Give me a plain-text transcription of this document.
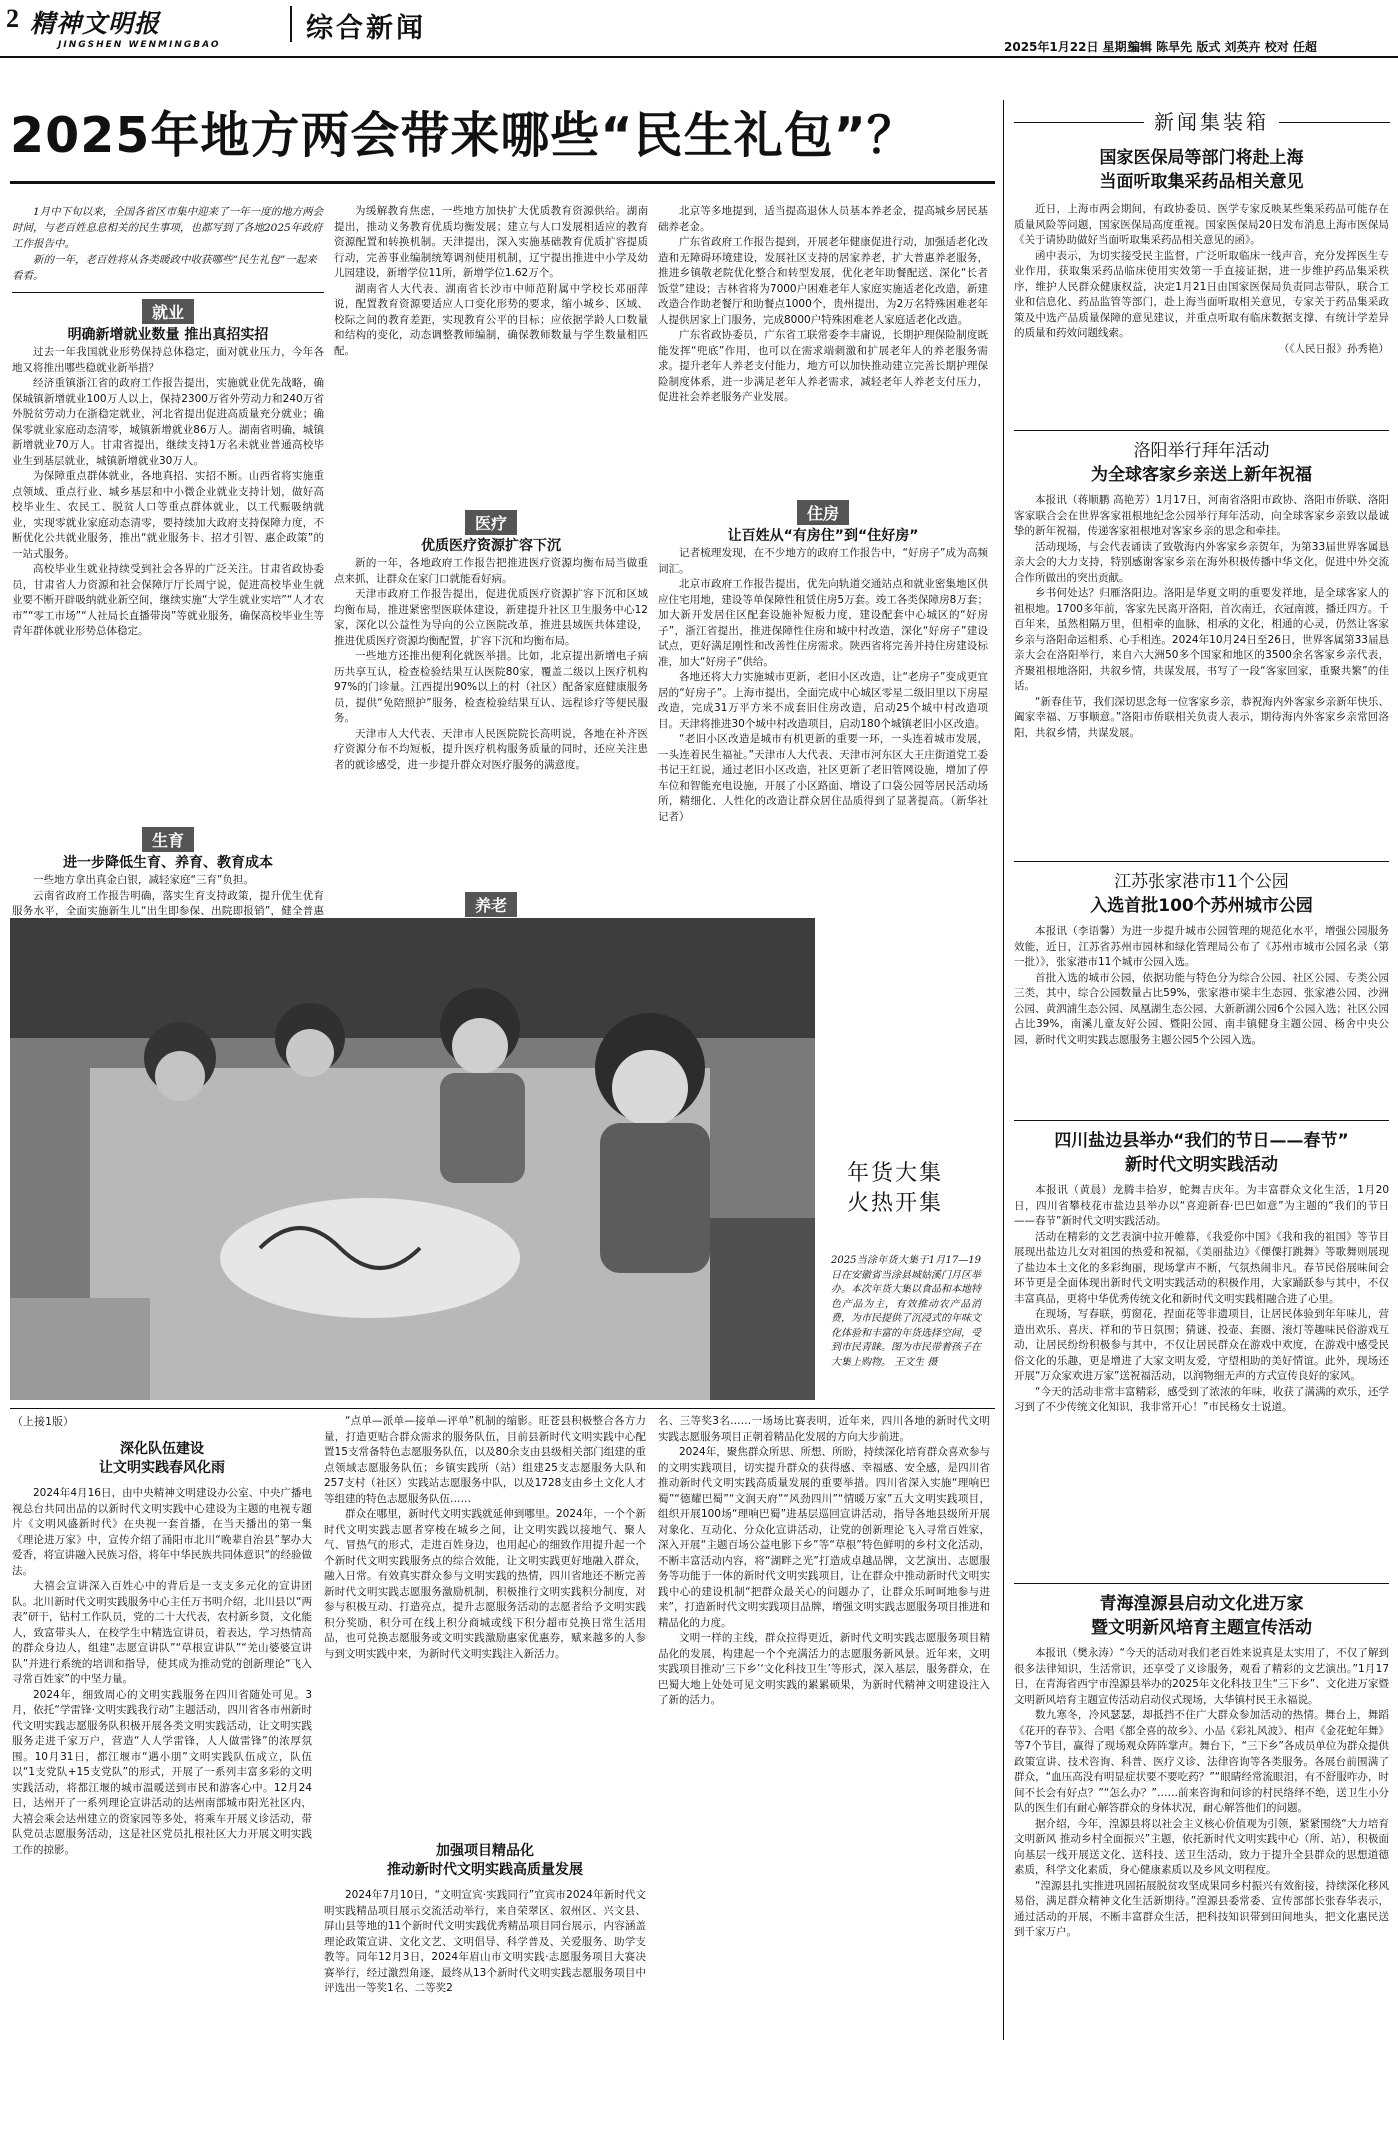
2 精神文明报
JINGSHEN WENMINGBAO
综合新闻
2025年1月22日 星期三
编辑 陈旱先 版式 刘英卉 校对 任超
2025年地方两会带来哪些“民生礼包”？

1月中下旬以来，全国各省区市集中迎来了一年一度的地方两会时间，与老百姓息息相关的民生事项，也都写到了各地2025年政府工作报告中。

新的一年，老百姓将从各类暖政中收获哪些“民生礼包”一起来看看。

就业
明确新增就业数量 推出真招实招

过去一年我国就业形势保持总体稳定，面对就业压力，今年各地又将推出哪些稳就业新举措？

经济重镇浙江省的政府工作报告提出，实施就业优先战略，确保城镇新增就业100万人以上，保持2300万省外劳动力和240万省外脱贫劳动力在浙稳定就业，河北省提出促进高质量充分就业；确保零就业家庭动态清零，城镇新增就业86万人。湖南省明确，城镇新增就业70万人。甘肃省提出，继续支持1万名未就业普通高校毕业生到基层就业，城镇新增就业30万人。

为保障重点群体就业，各地真招、实招不断。山西省将实施重点领域、重点行业、城乡基层和中小微企业就业支持计划，做好高校毕业生、农民工、脱贫人口等重点群体就业，以工代赈吸纳就业，实现零就业家庭动态清零，要持续加大政府支持保障力度，不断优化公共就业服务，推出“就业服务卡、招才引智、惠企政策”的一站式服务。

高校毕业生就业持续受到社会各界的广泛关注。甘肃省政协委员，甘肃省人力资源和社会保障厅厅长周宁说，促进高校毕业生就业要不断开辟吸纳就业新空间，继续实施“大学生就业实培”“人才农市”“零工市场”“人社局长直播带岗”等就业服务，确保高校毕业生等青年群体就业形势总体稳定。

生育
进一步降低生育、养育、教育成本

一些地方拿出真金白银，减轻家庭“三育”负担。

云南省政府工作报告明确，落实生育支持政策，提升优生优育服务水平，全面实施新生儿“出生即参保、出院即报销”，健全普惠

为缓解教育焦虑，一些地方加快扩大优质教育资源供给。湖南提出，推动义务教育优质均衡发展；建立与人口发展相适应的教育资源配置和转换机制。天津提出，深入实施基础教育优质扩容提质行动，完善事业编制统筹调剂使用机制，辽宁提出推进中小学及幼儿园建设，新增学位11所，新增学位1.62万个。

湖南省人大代表、湖南省长沙市中师范附属中学校长邓丽萍说，配置教育资源要适应人口变化形势的要求，缩小城乡、区域、校际之间的教育差距，实现教育公平的目标；应依据学龄人口数量和结构的变化，动态调整教师编制，确保教师数量与学生数量相匹配。

医疗
优质医疗资源扩容下沉

新的一年，各地政府工作报告把推进医疗资源均衡布局当做重点来抓，让群众在家门口就能看好病。

天津市政府工作报告提出，促进优质医疗资源扩容下沉和区域均衡布局，推进紧密型医联体建设，新建提升社区卫生服务中心12家，深化以公益性为导向的公立医院改革，推进县域医共体建设，推进优质医疗资源均衡配置，扩容下沉和均衡布局。

一些地方还推出便利化就医举措。比如，北京提出新增电子病历共享互认，检查检验结果互认医院80家，覆盖二级以上医疗机构97%的门诊量。江西提出90%以上的村（社区）配备家庭健康服务员，提供“免陪照护”服务，检查检验结果互认、远程诊疗等便民服务。

天津市人大代表、天津市人民医院院长高明说，各地在补齐医疗资源分布不均短板，提升医疗机构服务质量的同时，还应关注患者的就诊感受，进一步提升群众对医疗服务的满意度。

养老

北京等多地提到，适当提高退休人员基本养老金，提高城乡居民基础养老金。

广东省政府工作报告提到，开展老年健康促进行动，加强适老化改造和无障碍环境建设，发展社区支持的居家养老，扩大普惠养老服务，推进乡镇敬老院优化整合和转型发展，优化老年助餐配送、深化“长者饭堂”建设；吉林省将为7000户困难老年人家庭实施适老化改造，新建改造合作助老餐厅和助餐点1000个，贵州提出，为2万名特殊困难老年人提供居家上门服务，完成8000户特殊困难老人家庭适老化改造。

广东省政协委员，广东省工联常委李丰庸说，长期护理保险制度既能发挥“兜底”作用，也可以在需求端刺激和扩展老年人的养老服务需求。提升老年人养老支付能力，地方可以加快推动建立完善长期护理保险制度体系，进一步满足老年人养老需求，减轻老年人养老支付压力，促进社会养老服务产业发展。

住房
让百姓从“有房住”到“住好房”

记者梳理发现，在不少地方的政府工作报告中，“好房子”成为高频词汇。

北京市政府工作报告提出，优先向轨道交通站点和就业密集地区供应住宅用地，建设等单保障性租赁住房5万套。竣工各类保障房8万套；加大新开发居住区配套设施补短板力度，建设配套中心城区的“好房子”，浙江省提出，推进保障性住房和城中村改造，深化“好房子”建设试点，更好满足刚性和改善性住房需求。陕西省将完善并持住房建设标准，加大“好房子”供给。

各地还将大力实施城市更新，老旧小区改造，让“老房子”变成更宜居的“好房子”。上海市提出，全面完成中心城区零星二级旧里以下房屋改造，完成31万平方米不成套旧住房改造，启动25个城中村改造项目。天津将推进30个城中村改造项目，启动180个城镇老旧小区改造。

“老旧小区改造是城市有机更新的重要一环，一头连着城市发展，一头连着民生福祉。”天津市人大代表、天津市河东区大王庄街道党工委书记王红说，通过老旧小区改造，社区更新了老旧管网设施，增加了停车位和智能充电设施，开展了小区路面、增设了口袋公园等居民活动场所，精细化、人性化的改造让群众居住品质得到了显著提高。（新华社记者）

年货大集
火热开集
2025当涂年货大集于1月17—19日在安徽省当涂县城姑溪门月区举办。本次年货大集以食品和本地特色产品为主，有效推动农产品消费，为市民提供了沉浸式的年味文化体验和丰富的年货选择空间，受到市民青睐。图为市民带着孩子在大集上购物。 王文生 摄
（上接1版）
深化队伍建设
让文明实践春风化雨

2024年4月16日，由中央精神文明建设办公室、中央广播电视总台共同出品的以新时代文明实践中心建设为主题的电视专题片《文明风盛新时代》在央视一套首播，在当天播出的第一集《理论进万家》中，宣传介绍了涌阳市北川“晚辈自治县”挈办大爱香，将宣讲融入民族习俗，将年中华民族共同体意识“的经验做法。

大禧会宣讲深入百姓心中的背后是一支支多元化的宣讲团队。北川新时代文明实践服务中心主任万书明介绍，北川县以“两表”研干，钻村工作队员，党的二十大代表，农村新乡贤，文化能人，致富带头人，在校学生中精选宣讲员，着表达，学习热情高的群众身边人，组建“志愿宣讲队”“草根宣讲队”“羌山婆婆宣讲队”并进行系统的培训和指导，使其成为推动党的创新理论“飞入寻常百姓家”的中坚力量。

2024年，细致周心的文明实践服务在四川省随处可见。3月，依托“学雷锋·文明实践我行动”主题活动，四川省各市州新时代文明实践志愿服务队积极开展各类文明实践活动，让文明实践服务走进千家万户，营造“人人学雷锋，人人做雷锋”的浓厚氛围。10月31日，都江堰市“遇小朋”文明实践队伍成立，队伍以“1支党队+15支党队”的形式，开展了一系列丰富多彩的文明实践活动，将都江堰的城市温暖送到市民和游客心中。12月24日，达州开了一系列理论宣讲活动的达州南部城市阳光社区内，大禧会乘会达州建立的资家园等多处，将乘车开展义诊活动，带队党员志愿服务活动，这是社区党员扎根社区大力开展文明实践工作的掠影。

“点单—派单—接单—评单”机制的缩影。旺苍县积极整合各方力量，打造更贴合群众需求的服务队伍，目前县新时代文明实践中心配置15支常备特色志愿服务队伍，以及80余支由县级相关部门组建的重点领域志愿服务队伍；乡镇实践所（站）组建25支志愿服务大队和257支村（社区）实践站志愿服务中队，以及1728支由乡土文化人才等组建的特色志愿服务队伍……

群众在哪里，新时代文明实践就延伸到哪里。2024年，一个个新时代文明实践志愿者穿梭在城乡之间，让文明实践以接地气、聚人气、冒热气的形式，走进百姓身边，也用起心的细致作用提升起一个个新时代文明实践服务点的综合效能，让文明实践更好地融入群众，融入日常。有效真实群众参与文明实践的热情，四川省地还不断完善新时代文明实践志愿服务激励机制，积极推行文明实践积分制度，对参与积极互动、打造亮点，提升志愿服务活动的志愿者给予文明实践积分奖励，积分可在线上积分商城或线下积分超市兑换日常生活用品，也可兑换志愿服务或文明实践激励惠家优惠券，赋来越多的人参与到文明实践中来，为新时代文明实践注入新活力。

加强项目精品化
推动新时代文明实践高质量发展

2024年7月10日，“文明宣宾·实践同行”宜宾市2024年新时代文明实践精品项目展示交流活动举行，来自荣翠区、叙州区、兴文县、屏山县等地的11个新时代文明实践优秀精品项目同台展示，内容涵盖理论政策宣讲、文化文艺、文明倡导、科学普及、关爱服务、助学支教等。同年12月3日，2024年眉山市文明实践·志愿服务项目大赛决赛举行，经过激烈角逐，最终从13个新时代文明实践志愿服务项目中评选出一等奖1名、二等奖2

名、三等奖3名……一场场比赛表明，近年来，四川各地的新时代文明实践志愿服务项目正朝着精品化发展的方向大步前进。

2024年，聚焦群众所思、所想、所盼，持续深化培育群众喜欢参与的文明实践项目，切实提升群众的获得感、幸福感、安全感，是四川省推动新时代文明实践高质量发展的重要举措。四川省深入实施“理响巴蜀”“德耀巴蜀”“文润天府”“风劲四川”“情暖万家”五大文明实践项目，组织开展100场“理响巴蜀”进基层巡回宣讲活动，指导各地县级所开展对象化、互动化、分众化宣讲活动，让党的创新理论飞入寻常百姓家，深入开展“主题百场公益电影下乡”等“草根”特色鲜明的乡村文化活动，不断丰富活动内容，将“湖畔之光”打造成卓越品牌，文艺演出、志愿服务等功能于一体的新时代文明实践项目，让在群众中推动新时代文明实践中心的建设机制“把群众最关心的问题办了，让群众乐呵呵地参与进来”，打造新时代文明实践项目品牌，增强文明实践志愿服务项目推进和精品化的力度。

文明一样的主线，群众拉得更近，新时代文明实践志愿服务项目精品化的发展，构建起一个个充满活力的志愿服务新风景。近年来，文明实践项目推动‘三下乡’‘文化科技卫生’等形式，深入基层，服务群众，在巴蜀大地上处处可见文明实践的累累硕果，为新时代精神文明建设注入了新的活力。

新闻集装箱
国家医保局等部门将赴上海
当面听取集采药品相关意见

近日，上海市两会期间，有政协委员、医学专家反映某些集采药品可能存在质量风险等问题，国家医保局高度重视。国家医保局20日发布消息上海市医保局《关于请协助做好当面听取集采药品相关意见的函》。

函中表示，为切实接受民主监督，广泛听取临床一线声音，充分发挥医生专业作用，获取集采药品临床使用实效第一手直接证据，进一步维护药品集采秩序，维护人民群众健康权益，决定1月21日由国家医保局负责同志带队，联合工业和信息化、药品监管等部门，赴上海当面听取相关意见，专家关于药品集采政策及中选产品质量保障的意见建议，并重点听取有临床数据支撑、有统计学差异的质量和药效问题线索。

（《人民日报》孙秀艳）

洛阳举行拜年活动
为全球客家乡亲送上新年祝福

本报讯（蒋顺鹏 高艳芳）1月17日，河南省洛阳市政协、洛阳市侨联、洛阳客家联合会在世界客家祖根地纪念公园举行拜年活动，向全球客家乡亲致以最诚挚的新年祝福，传递客家祖根地对客家乡亲的思念和牵挂。

活动现场，与会代表诵读了致敬海内外客家乡亲贺年，为第33届世界客属恳亲大会的大力支持，特别感谢客家乡亲在海外积极传播中华文化，促进中外交流合作所做出的突出贡献。

乡书何处达？归雁洛阳边。洛阳是华夏文明的重要发祥地，是全球客家人的祖根地。1700多年前，客家先民离开洛阳，首次南迁，衣冠南渡，播迁四方。千百年来，虽然相隔万里，但相牵的血脉，相承的文化，相通的心灵，仍然让客家乡亲与洛阳命运相系、心手相连。2024年10月24日至26日，世界客属第33届恳亲大会在洛阳举行，来自六大洲50多个国家和地区的3500余名客家乡亲代表，齐聚祖根地洛阳，共叙乡情，共谋发展，书写了一段“客家回家，重聚共繁”的佳话。

“新春佳节，我们深切思念每一位客家乡亲，恭祝海内外客家乡亲新年快乐、阖家幸福、万事顺意。”洛阳市侨联相关负责人表示，期待海内外客家乡亲常回洛阳，共叙乡情，共谋发展。

江苏张家港市11个公园
入选首批100个苏州城市公园

本报讯（李语馨）为进一步提升城市公园管理的规范化水平，增强公园服务效能，近日，江苏省苏州市园林和绿化管理局公布了《苏州市城市公园名录（第一批）》，张家港市11个城市公园入选。

首批入选的城市公园，依据功能与特色分为综合公园、社区公园、专类公园三类，其中，综合公园数量占比59%，张家港市梁丰生态园、张家港公园、沙洲公园、黄泗浦生态公园、凤凰湖生态公园、大新新湖公园6个公园入选；社区公园占比39%，南溪儿童友好公园、暨阳公园、南丰镇健身主题公园、杨舍中央公园，新时代文明实践志愿服务主题公园5个公园入选。

四川盐边县举办“我们的节日——春节”
新时代文明实践活动

本报讯（黄晨）龙腾丰拾岁，蛇舞吉庆年。为丰富群众文化生活，1月20日，四川省攀枝花市盐边县举办以“喜迎新春·巴巴如意”为主题的“我们的节日——春节”新时代文明实践活动。

活动在精彩的文艺表演中拉开帷幕，《我爱你中国》《我和我的祖国》等节目展现出盐边儿女对祖国的热爱和祝福，《美丽盐边》《傈僳打跳舞》等歌舞则展现了盐边本土文化的多彩绚丽，现场掌声不断，气氛热闹非凡。春节民俗展味间会环节更是全面体现出新时代文明实践活动的积极作用，大家踊跃参与其中，不仅丰富真品，更将中华优秀传统文化和新时代文明实践相融合进了心里。

在现场，写春联，剪窗花，捏面花等非遗项目，让居民体验到年年味儿，营造出欢乐、喜庆、祥和的节日氛围；猜谜、投壶、套圈、滚灯等趣味民俗游戏互动，让居民纷纷积极参与其中，不仅让居民群众在游戏中欢度，在游戏中感受民俗文化的乐趣，更是增进了大家文明友爱，守望相助的美好情谊。此外，现场还开展“万众家欢进万家”送祝福活动，以润物细无声的方式宣传良好的家风。

“今天的活动非常丰富精彩，感受到了浓浓的年味，收获了满满的欢乐，还学习到了不少传统文化知识，我非常开心！”市民杨女士说道。

青海湟源县启动文化进万家
暨文明新风培育主题宣传活动

本报讯（樊永涛）“今天的活动对我们老百姓来说真是太实用了，不仅了解到很多法律知识，生活常识，还享受了义诊服务，观看了精彩的文艺演出。”1月17日，在青海省西宁市湟源县举办的2025年文化科技卫生“三下乡”、文化进万家暨文明新风培育主题宣传活动启动仪式现场，大华镇村民王永福说。

数九寒冬，冷风瑟瑟，却抵挡不住广大群众参加活动的热情。舞台上，舞蹈《花开的春节》、合唱《都全喜的故乡》、小品《彩礼风波》、相声《金花蛇年舞》等7个节目，赢得了现场观众阵阵掌声。舞台下，“三下乡”各成员单位为群众提供政策宣讲、技术咨询、科普、医疗义诊、法律咨询等各类服务。各展台前围满了群众，“血压高没有明显症状要不要吃药？”“眼睛经常流眼泪，有不舒服咋办，时间不长会有好点？”“怎么办？”……前来咨询和问诊的村民络绎不绝，送卫生小分队的医生们有耐心解答群众的身体状况，耐心解答他们的问题。

据介绍，今年，湟源县将以社会主义核心价值观为引领，紧紧围绕“大力培育文明新风 推动乡村全面振兴”主题，依托新时代文明实践中心（所、站），积极面向基层一线开展送文化、送科技、送卫生活动，致力于提升全县群众的思想道德素质，科学文化素质，身心健康素质以及乡风文明程度。

“湟源县扎实推进巩固拓展脱贫攻坚成果同乡村振兴有效衔接，持续深化移风易俗，满足群众精神文化生活新期待。”湟源县委常委、宣传部部长张春华表示，通过活动的开展，不断丰富群众生活，把科技知识带到田间地头，把文化惠民送到千家万户。
